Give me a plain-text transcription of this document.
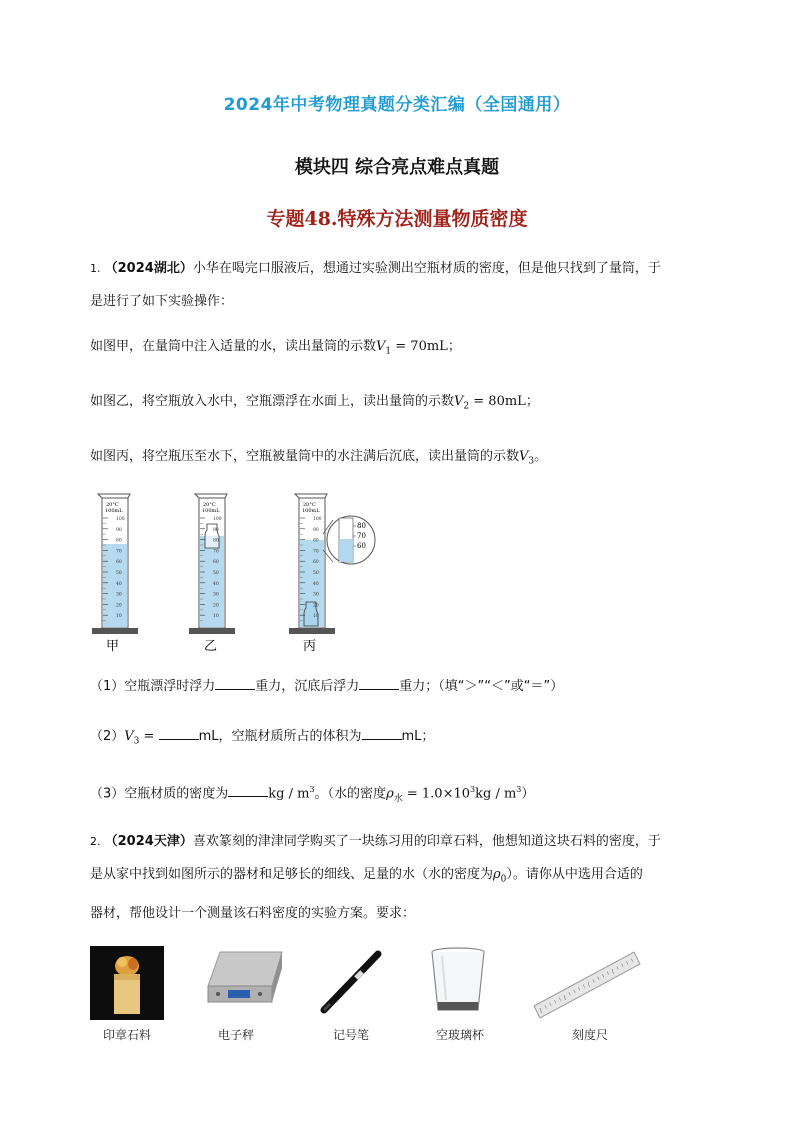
2024年中考物理真题分类汇编（全国通用）
模块四 综合亮点难点真题
专题48.特殊方法测量物质密度
1. （2024湖北）小华在喝完口服液后，想通过实验测出空瓶材质的密度，但是他只找到了量筒，于
是进行了如下实验操作：
如图甲，在量筒中注入适量的水，读出量筒的示数$V_1 = 70mL$；
如图乙，将空瓶放入水中，空瓶漂浮在水面上，读出量筒的示数$V_2 = 80mL$；
如图丙，将空瓶压至水下，空瓶被量筒中的水注满后沉底，读出量筒的示数$V_3$。
20°C
100mL
100
90
80
70
60
50
40
30
20
10
20°C
100mL
100
90
80
70
60
50
40
30
20
10
20°C
100mL
100
90
80
70
60
50
40
30
20
10
80
70
60
甲	乙	丙
（1）空瓶漂浮时浮力	重力，沉底后浮力	重力；（填“＞”“＜”或“＝”）
$(2)V_3$ =	mL，空瓶材质所占的体积为	mL；
（3）空瓶材质的密度为	kg / $m^3$。（水的密度$\rho_水 = 1.0\times 10^3kg / m^3$）
2. （2024天津）喜欢篆刻的津津同学购买了一块练习用的印章石料，他想知道这块石料的密度，于
是从家中找到如图所示的器材和足够长的细线、足量的水（水的密度为$\rho_0$）。请你从中选用合适的
器材，帮他设计一个测量该石料密度的实验方案。要求：
印章石料	电子秤	记号笔	空玻璃杯	刻度尺
